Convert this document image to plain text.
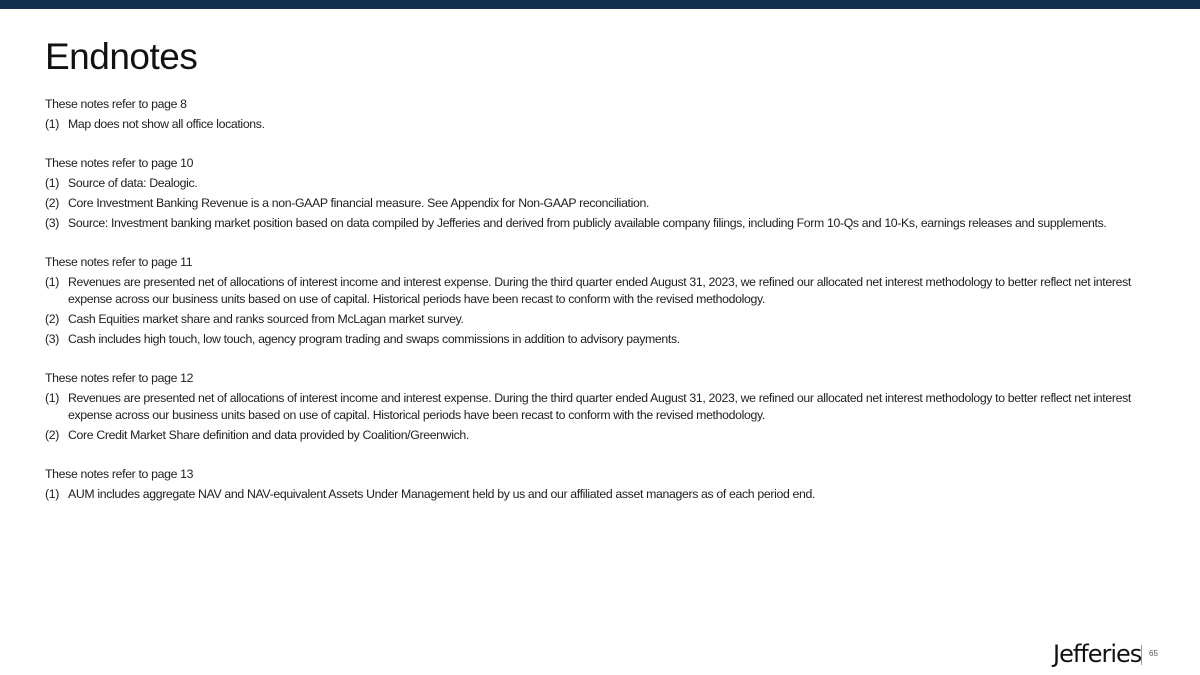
Endnotes
These notes refer to page 8
(1) Map does not show all office locations.
These notes refer to page 10
(1) Source of data: Dealogic.
(2) Core Investment Banking Revenue is a non-GAAP financial measure. See Appendix for Non-GAAP reconciliation.
(3) Source: Investment banking market position based on data compiled by Jefferies and derived from publicly available company filings, including Form 10-Qs and 10-Ks, earnings releases and supplements.
These notes refer to page 11
(1) Revenues are presented net of allocations of interest income and interest expense. During the third quarter ended August 31, 2023, we refined our allocated net interest methodology to better reflect net interest expense across our business units based on use of capital. Historical periods have been recast to conform with the revised methodology.
(2) Cash Equities market share and ranks sourced from McLagan market survey.
(3) Cash includes high touch, low touch, agency program trading and swaps commissions in addition to advisory payments.
These notes refer to page 12
(1) Revenues are presented net of allocations of interest income and interest expense. During the third quarter ended August 31, 2023, we refined our allocated net interest methodology to better reflect net interest expense across our business units based on use of capital. Historical periods have been recast to conform with the revised methodology.
(2) Core Credit Market Share definition and data provided by Coalition/Greenwich.
These notes refer to page 13
(1) AUM includes aggregate NAV and NAV-equivalent Assets Under Management held by us and our affiliated asset managers as of each period end.
Jefferies 65
